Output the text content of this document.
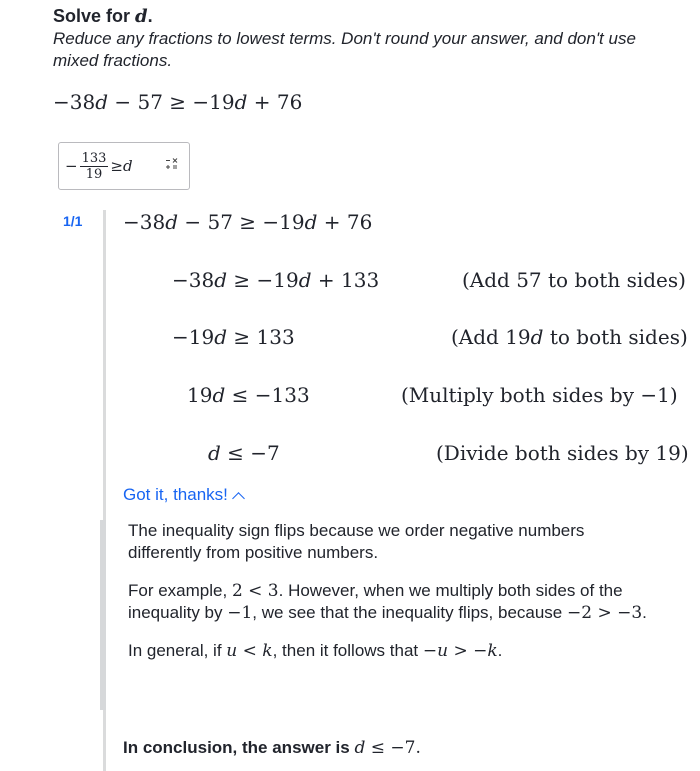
Solve for d.
Reduce any fractions to lowest terms. Don't round your answer, and don't use mixed fractions.
−38d − 57 ≥ −19d + 76
− $\frac{133}{19} \ge d$
1/1 −38d − 57 ≥ −19d + 76
−38d ≥ −19d + 133	(Add 57 to both sides)
−19d ≥ 133	(Add 19d to both sides)
19d ≤ −133	(Multiply both sides by −1)
d ≤ −7	(Divide both sides by 19)
Got it, thanks!

The inequality sign flips because we order negative numbers differently from positive numbers.

For example, 2 < 3. However, when we multiply both sides of the inequality by −1, we see that the inequality flips, because −2 > −3.

In general, if u < k, then it follows that −u > −k.

In conclusion, the answer is d ≤ −7.
